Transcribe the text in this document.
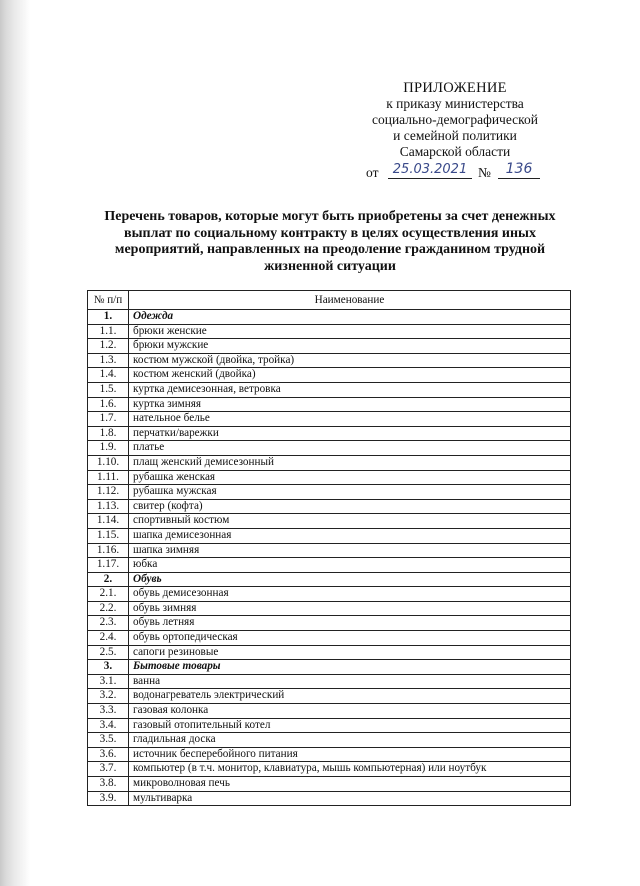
ПРИЛОЖЕНИЕ
к приказу министерства
социально-демографической
и семейной политики
Самарской области
от	25.03.2021 №	136
Перечень товаров, которые могут быть приобретены за счет денежных выплат по социальному контракту в целях осуществления иных мероприятий, направленных на преодоление гражданином трудной жизненной ситуации
№ п/п	Наименование
1.	Одежда
1.1.	брюки женские
1.2.	брюки мужские
1.3.	костюм мужской (двойка, тройка)
1.4.	костюм женский (двойка)
1.5.	куртка демисезонная, ветровка
1.6.	куртка зимняя
1.7.	нательное белье
1.8.	перчатки/варежки
1.9.	платье
1.10.	плащ женский демисезонный
1.11.	рубашка женская
1.12.	рубашка мужская
1.13.	свитер (кофта)
1.14.	спортивный костюм
1.15.	шапка демисезонная
1.16.	шапка зимняя
1.17.	юбка
2.	Обувь
2.1.	обувь демисезонная
2.2.	обувь зимняя
2.3.	обувь летняя
2.4.	обувь ортопедическая
2.5.	сапоги резиновые
3.	Бытовые товары
3.1.	ванна
3.2.	водонагреватель электрический
3.3.	газовая колонка
3.4.	газовый отопительный котел
3.5.	гладильная доска
3.6.	источник бесперебойного питания
3.7.	компьютер (в т.ч. монитор, клавиатура, мышь компьютерная) или ноутбук
3.8.	микроволновая печь
3.9.	мультиварка
